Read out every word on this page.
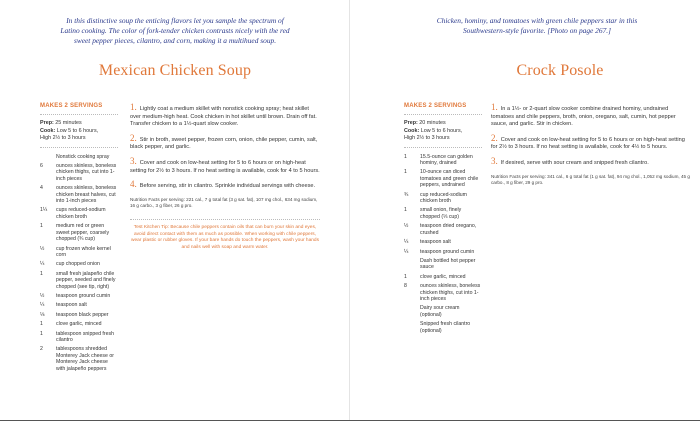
In this distinctive soup the enticing flavors let you sample the spectrum of Latino cooking. The color of fork-tender chicken contrasts nicely with the red sweet pepper pieces, cilantro, and corn, making it a multihued soup.
Mexican Chicken Soup
MAKES 2 SERVINGS
Prep: 25 minutes
Cook: Low 5 to 6 hours,
High 2½ to 3 hours
Nonstick cooking spray
6	ounces skinless, boneless chicken thighs, cut into 1-inch pieces
4	ounces skinless, boneless chicken breast halves, cut into 1-inch pieces
1¼	cups reduced-sodium chicken broth
1	medium red or green sweet pepper, coarsely chopped (¾ cup)
½	cup frozen whole kernel corn
¼	cup chopped onion
1	small fresh jalapeño chile pepper, seeded and finely chopped (see tip, right)
½	teaspoon ground cumin
¼	teaspoon salt
⅛	teaspoon black pepper
1	clove garlic, minced
1	tablespoon snipped fresh cilantro
2	tablespoons shredded Monterey Jack cheese or Monterey Jack cheese with jalapeño peppers
1. Lightly coat a medium skillet with nonstick cooking spray; heat skillet over medium-high heat. Cook chicken in hot skillet until brown. Drain off fat. Transfer chicken to a 1½-quart slow cooker.
2. Stir in broth, sweet pepper, frozen corn, onion, chile pepper, cumin, salt, black pepper, and garlic.
3. Cover and cook on low-heat setting for 5 to 6 hours or on high-heat setting for 2½ to 3 hours. If no heat setting is available, cook for 4 to 5 hours.
4. Before serving, stir in cilantro. Sprinkle individual servings with cheese.
Nutrition Facts per serving: 221 cal., 7 g total fat (3 g sat. fat), 107 mg chol., 634 mg sodium, 16 g carbo., 3 g fiber, 26 g pro.
Test Kitchen Tip: Because chile peppers contain oils that can burn your skin and eyes, avoid direct contact with them as much as possible. When working with chile peppers, wear plastic or rubber gloves. If your bare hands do touch the peppers, wash your hands and nails well with soap and warm water.
Chicken, hominy, and tomatoes with green chile peppers star in this Southwestern-style favorite. [Photo on page 267.]
Crock Posole
MAKES 2 SERVINGS
Prep: 20 minutes
Cook: Low 5 to 6 hours,
High 2½ to 3 hours
1	15.5-ounce can golden hominy, drained
1	10-ounce can diced tomatoes and green chile peppers, undrained
¾	cup reduced-sodium chicken broth
1	small onion, finely chopped (⅓ cup)
½	teaspoon dried oregano, crushed
¼	teaspoon salt
¼	teaspoon ground cumin
Dash bottled hot pepper sauce
1	clove garlic, minced
8	ounces skinless, boneless chicken thighs, cut into 1-inch pieces
Dairy sour cream (optional)
Snipped fresh cilantro (optional)
1. In a 1½- or 2-quart slow cooker combine drained hominy, undrained tomatoes and chile peppers, broth, onion, oregano, salt, cumin, hot pepper sauce, and garlic. Stir in chicken.
2. Cover and cook on low-heat setting for 5 to 6 hours or on high-heat setting for 2½ to 3 hours. If no heat setting is available, cook for 4½ to 5 hours.
3. If desired, serve with sour cream and snipped fresh cilantro.
Nutrition Facts per serving: 341 cal., 6 g total fat (1 g sat. fat), 94 mg chol., 1,052 mg sodium, 45 g carbo., 8 g fiber, 29 g pro.
